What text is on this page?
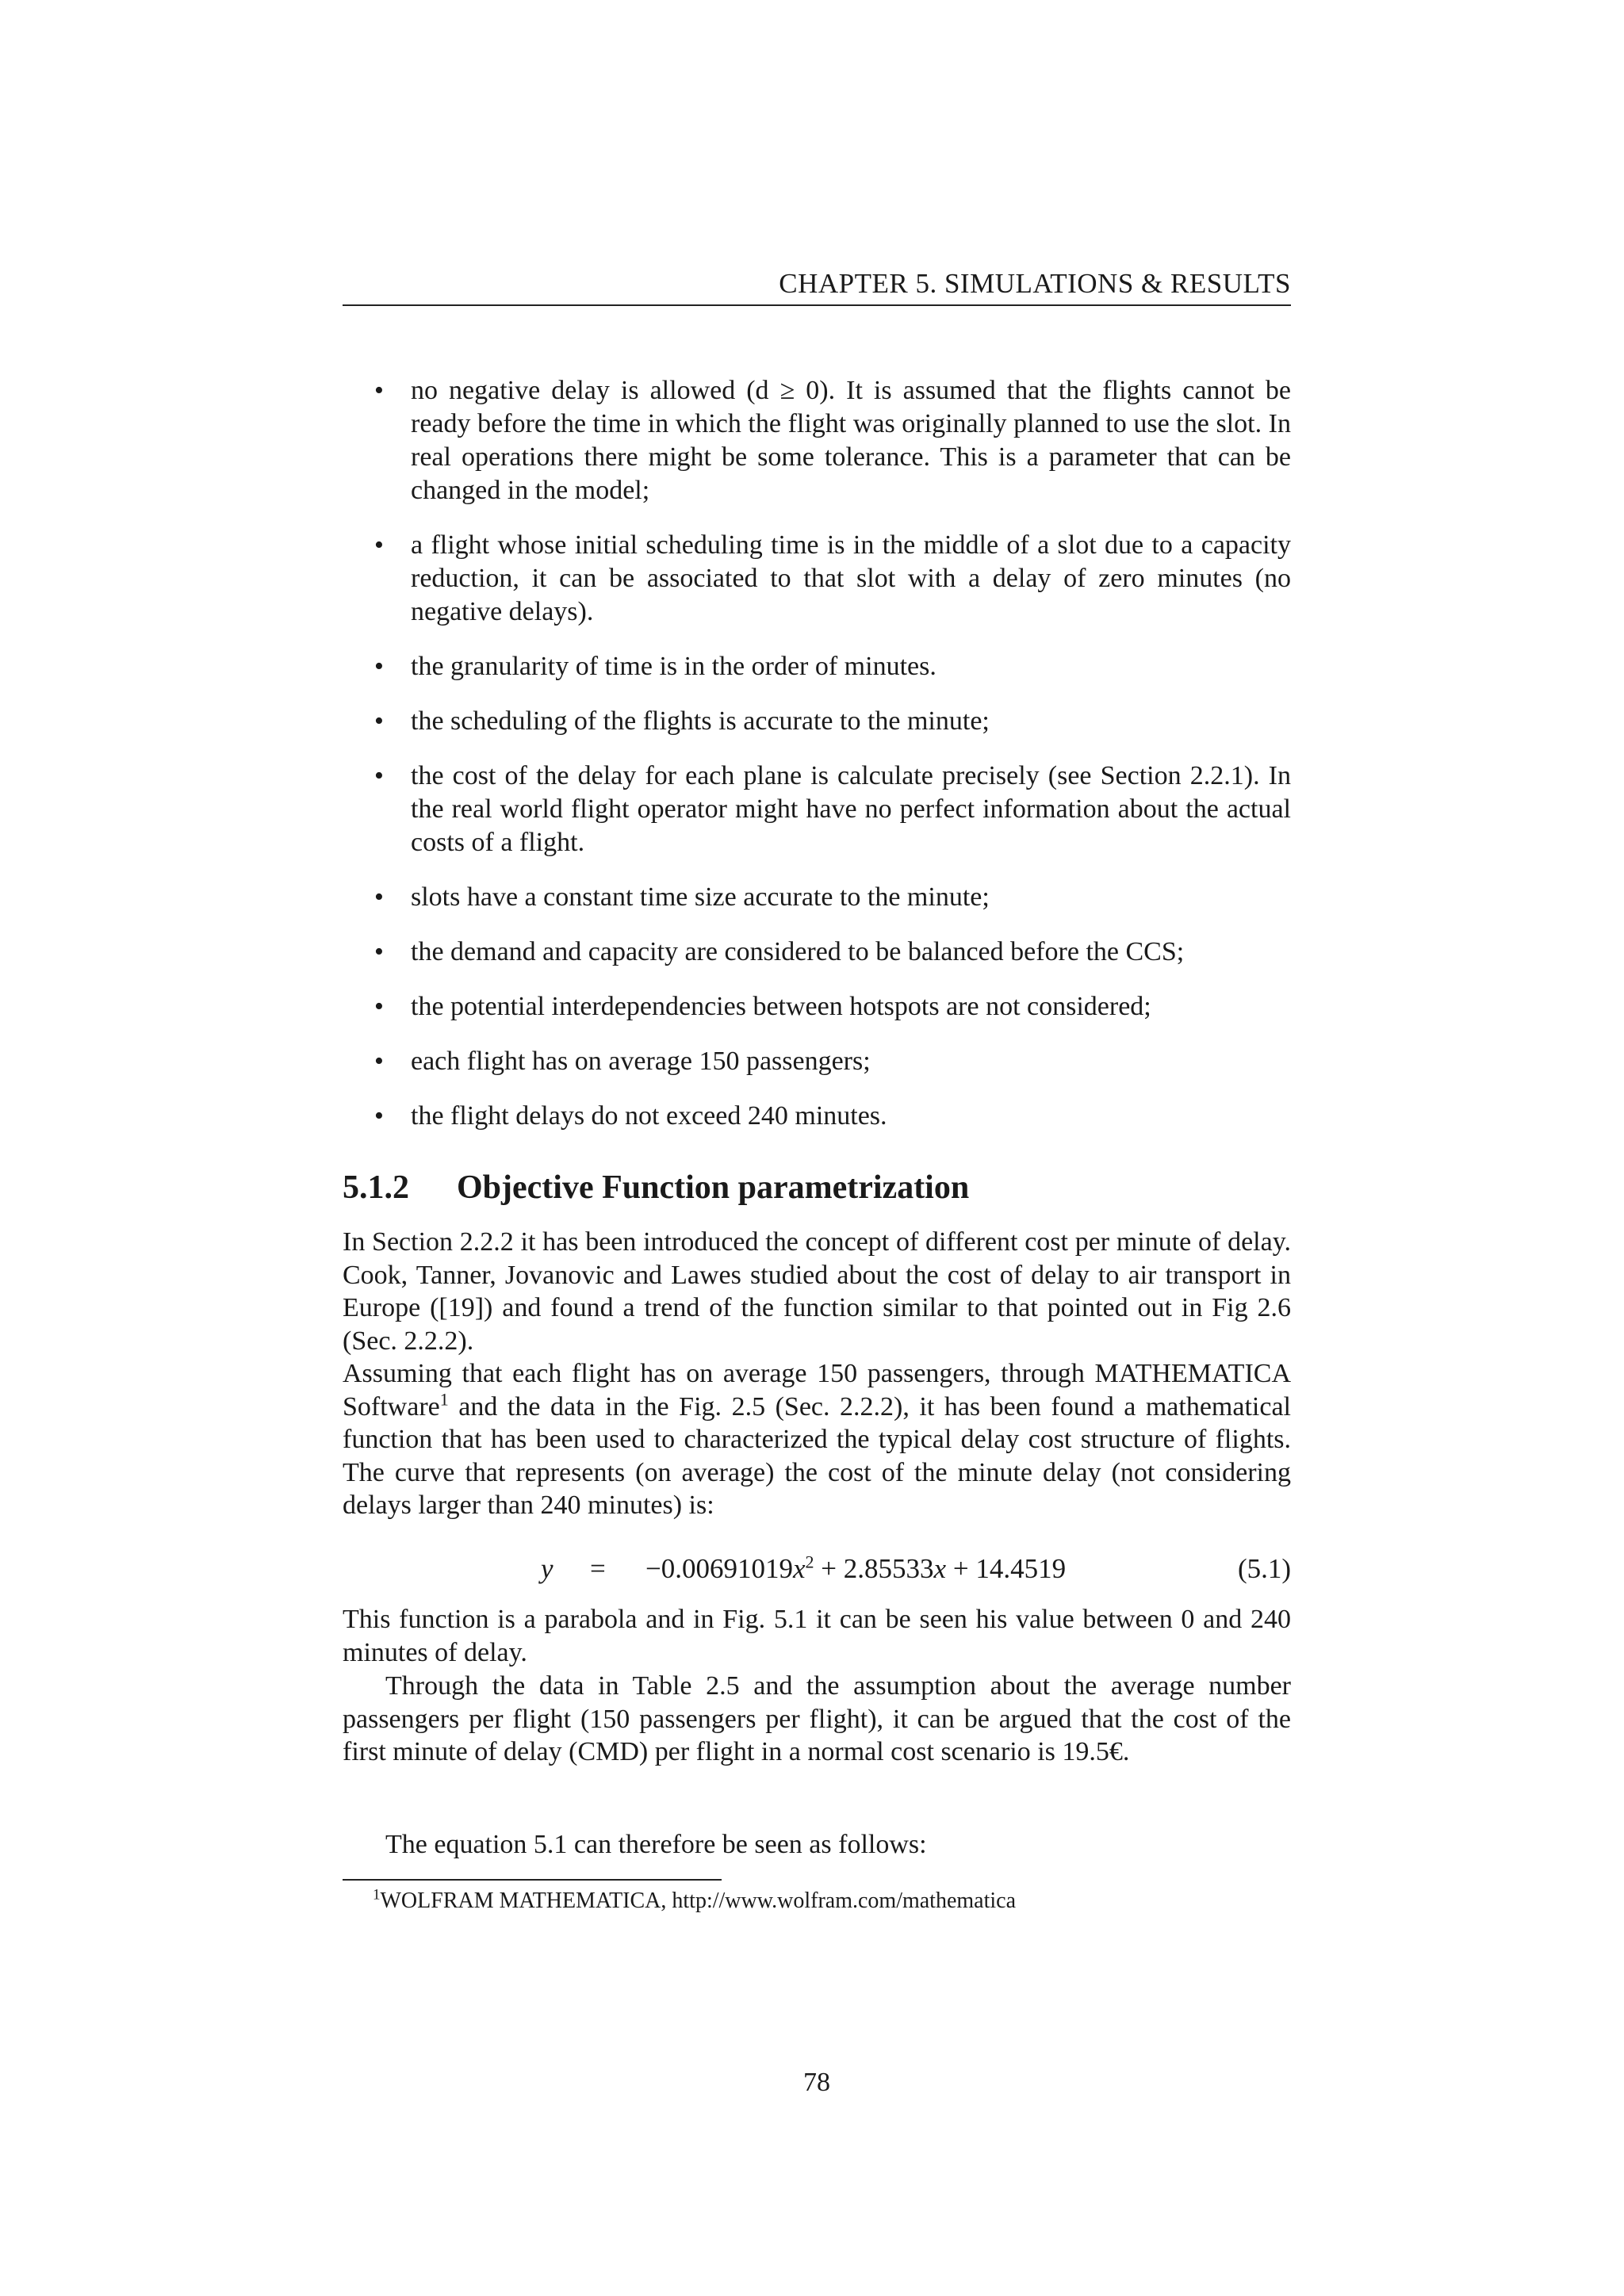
CHAPTER 5. SIMULATIONS & RESULTS
• no negative delay is allowed (d ≥ 0). It is assumed that the flights cannot be ready before the time in which the flight was originally planned to use the slot. In real operations there might be some tolerance. This is a parameter that can be changed in the model;
• a flight whose initial scheduling time is in the middle of a slot due to a capacity reduction, it can be associated to that slot with a delay of zero minutes (no negative delays).
• the granularity of time is in the order of minutes.
• the scheduling of the flights is accurate to the minute;
• the cost of the delay for each plane is calculate precisely (see Section 2.2.1). In the real world flight operator might have no perfect information about the actual costs of a flight.
• slots have a constant time size accurate to the minute;
• the demand and capacity are considered to be balanced before the CCS;
• the potential interdependencies between hotspots are not considered;
• each flight has on average 150 passengers;
• the flight delays do not exceed 240 minutes.
5.1.2 Objective Function parametrization

In Section 2.2.2 it has been introduced the concept of different cost per minute of delay. Cook, Tanner, Jovanovic and Lawes studied about the cost of delay to air transport in Europe ([19]) and found a trend of the function similar to that pointed out in Fig 2.6 (Sec. 2.2.2).

Assuming that each flight has on average 150 passengers, through MATHEMATICA Software$^1$ and the data in the Fig. 2.5 (Sec. 2.2.2), it has been found a mathematical function that has been used to characterized the typical delay cost structure of flights. The curve that represents (on average) the cost of the minute delay (not considering delays larger than 240 minutes) is:

$y = -0.00691019x^2 + 2.85533x + 14.4519$	(5.1)

This function is a parabola and in Fig. 5.1 it can be seen his value between 0 and 240 minutes of delay.

Through the data in Table 2.5 and the assumption about the average number passengers per flight (150 passengers per flight), it can be argued that the cost of the first minute of delay (CMD) per flight in a normal cost scenario is 19.5€.

The equation 5.1 can therefore be seen as follows:

$^1$WOLFRAM MATHEMATICA, http://www.wolfram.com/mathematica
78
